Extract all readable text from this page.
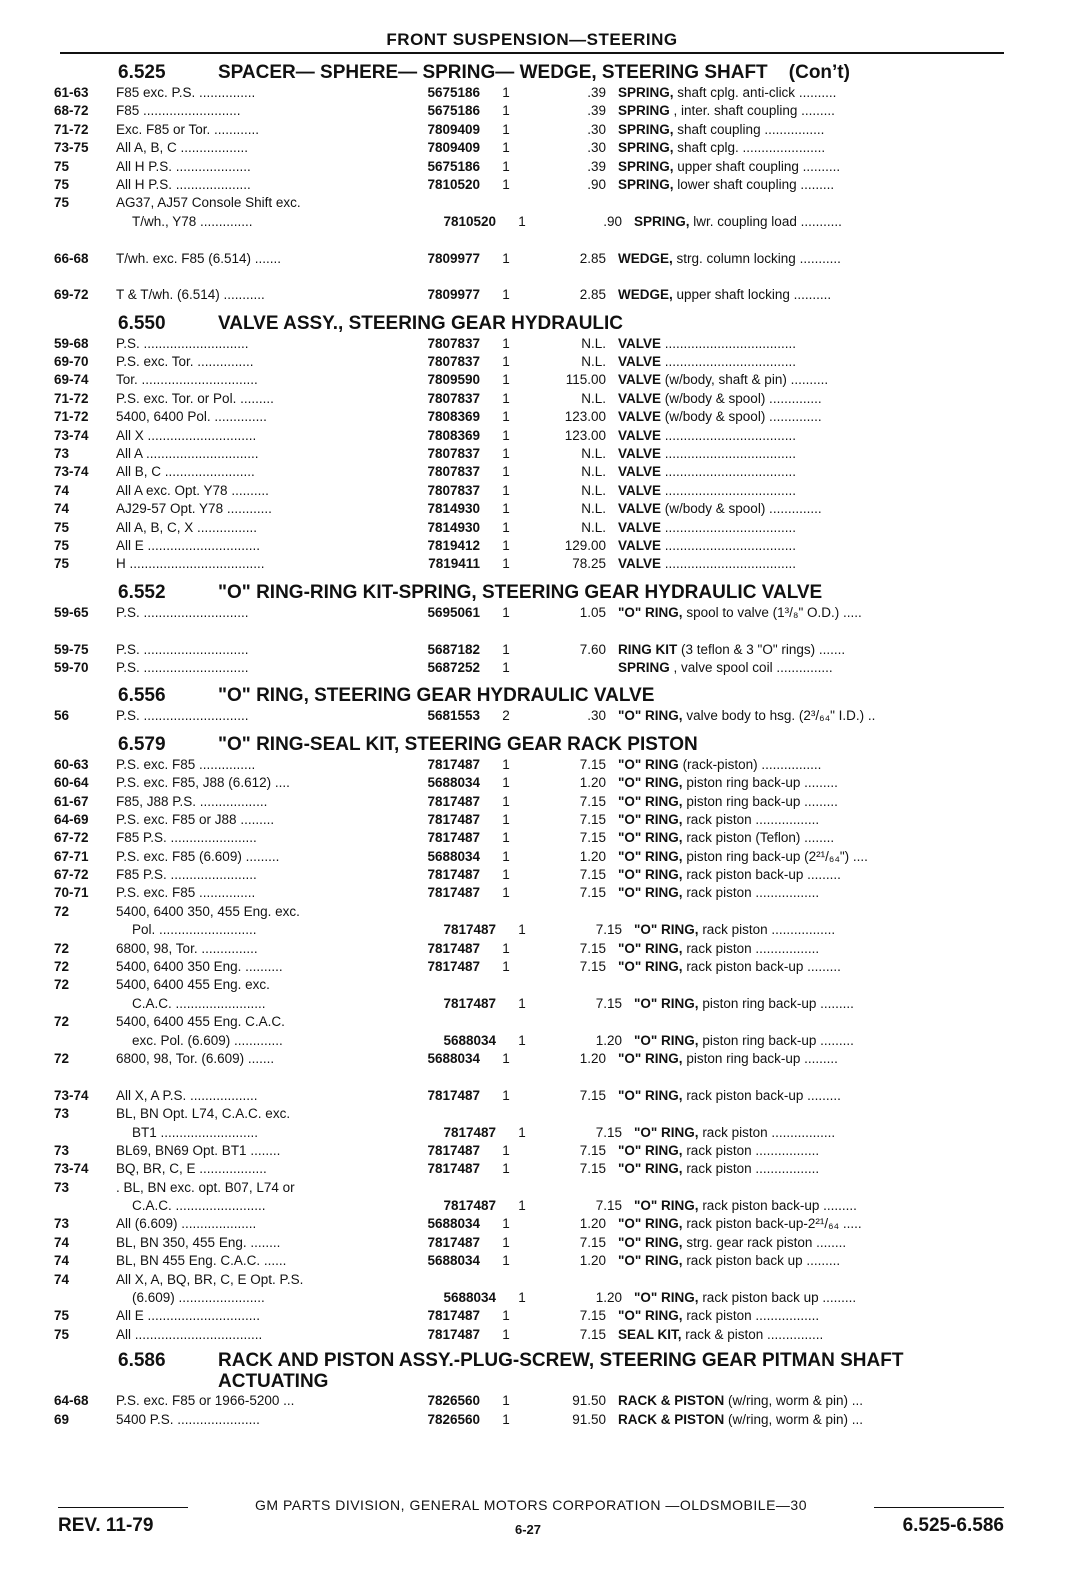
FRONT SUSPENSION—STEERING
6.525	SPACER— SPHERE— SPRING— WEDGE, STEERING SHAFT    (Con’t)
61-63	F85 exc. P.S. ...............	5675186	1	.39 SPRING, shaft cplg. anti-click ..........
68-72	F85 ..........................	5675186	1	.39 SPRING , inter. shaft coupling .........
71-72	Exc. F85 or Tor. ............	7809409	1	.30 SPRING, shaft coupling ................
73-75	All A, B, C ..................	7809409	1	.30 SPRING, shaft cplg. ......................
75	All H P.S. ....................	5675186	1	.39 SPRING, upper shaft coupling ..........
75	All H P.S. ....................	7810520	1	.90 SPRING, lower shaft coupling .........
75	AG37, AJ57 Console Shift exc.
T/wh., Y78 ..............	7810520	1	.90 SPRING, lwr. coupling load ...........
66-68	T/wh. exc. F85 (6.514) .......	7809977	1	2.85 WEDGE, strg. column locking ...........
69-72	T & T/wh. (6.514) ...........	7809977	1	2.85 WEDGE, upper shaft locking ..........
6.550	VALVE ASSY., STEERING GEAR HYDRAULIC
59-68	P.S. ............................	7807837	1	N.L. VALVE ...................................
69-70	P.S. exc. Tor. ...............	7807837	1	N.L. VALVE ...................................
69-74	Tor. ...............................	7809590	1	115.00 VALVE (w/body, shaft & pin) ..........
71-72	P.S. exc. Tor. or Pol. .........	7807837	1	N.L. VALVE (w/body & spool) ..............
71-72	5400, 6400 Pol. ..............	7808369	1	123.00 VALVE (w/body & spool) ..............
73-74	All X .............................	7808369	1	123.00 VALVE ...................................
73	All A ..............................	7807837	1	N.L. VALVE ...................................
73-74	All B, C ........................	7807837	1	N.L. VALVE ...................................
74	All A exc. Opt. Y78 ..........	7807837	1	N.L. VALVE ...................................
74	AJ29-57 Opt. Y78 ............	7814930	1	N.L. VALVE (w/body & spool) ..............
75	All A, B, C, X ................	7814930	1	N.L. VALVE ...................................
75	All E ..............................	7819412	1	129.00 VALVE ...................................
75	H ....................................	7819411	1	78.25 VALVE ...................................
6.552	"O" RING-RING KIT-SPRING, STEERING GEAR HYDRAULIC VALVE
59-65	P.S. ............................	5695061	1	1.05 "O" RING, spool to valve (1³/₈" O.D.) .....
59-75	P.S. ............................	5687182	1	7.60 RING KIT (3 teflon & 3 "O" rings) .......
59-70	P.S. ............................	5687252	1	SPRING , valve spool coil ...............
6.556	"O" RING, STEERING GEAR HYDRAULIC VALVE
56	P.S. ............................	5681553	2	.30 "O" RING, valve body to hsg. (2³/₆₄" I.D.) ..
6.579	"O" RING-SEAL KIT, STEERING GEAR RACK PISTON
60-63	P.S. exc. F85 ...............	7817487	1	7.15 "O" RING (rack-piston) ................
60-64	P.S. exc. F85, J88 (6.612) ....	5688034	1	1.20 "O" RING, piston ring back-up .........
61-67	F85, J88 P.S. ..................	7817487	1	7.15 "O" RING, piston ring back-up .........
64-69	P.S. exc. F85 or J88 .........	7817487	1	7.15 "O" RING, rack piston .................
67-72	F85 P.S. .......................	7817487	1	7.15 "O" RING, rack piston (Teflon) ........
67-71	P.S. exc. F85 (6.609) .........	5688034	1	1.20 "O" RING, piston ring back-up (2²¹/₆₄") ....
67-72	F85 P.S. .......................	7817487	1	7.15 "O" RING, rack piston back-up .........
70-71	P.S. exc. F85 ...............	7817487	1	7.15 "O" RING, rack piston .................
72	5400, 6400 350, 455 Eng. exc.
Pol. ..........................	7817487	1	7.15 "O" RING, rack piston .................
72	6800, 98, Tor. ...............	7817487	1	7.15 "O" RING, rack piston .................
72	5400, 6400 350 Eng. ..........	7817487	1	7.15 "O" RING, rack piston back-up .........
72	5400, 6400 455 Eng. exc.
C.A.C. ........................	7817487	1	7.15 "O" RING, piston ring back-up .........
72	5400, 6400 455 Eng. C.A.C.
exc. Pol. (6.609) .............	5688034	1	1.20 "O" RING, piston ring back-up .........
72	6800, 98, Tor. (6.609) .......	5688034	1	1.20 "O" RING, piston ring back-up .........
73-74	All X, A P.S. ..................	7817487	1	7.15 "O" RING, rack piston back-up .........
73	BL, BN Opt. L74, C.A.C. exc.
BT1 ..........................	7817487	1	7.15 "O" RING, rack piston .................
73	BL69, BN69 Opt. BT1 ........	7817487	1	7.15 "O" RING, rack piston .................
73-74	BQ, BR, C, E ..................	7817487	1	7.15 "O" RING, rack piston .................
73	. BL, BN exc. opt. B07, L74 or
C.A.C. ........................	7817487	1	7.15 "O" RING, rack piston back-up .........
73	All (6.609) ....................	5688034	1	1.20 "O" RING, rack piston back-up-2²¹/₆₄ .....
74	BL, BN 350, 455 Eng. ........	7817487	1	7.15 "O" RING, strg. gear rack piston ........
74	BL, BN 455 Eng. C.A.C. ......	5688034	1	1.20 "O" RING, rack piston back up .........
74	All X, A, BQ, BR, C, E Opt. P.S.
(6.609) .......................	5688034	1	1.20 "O" RING, rack piston back up .........
75	All E ..............................	7817487	1	7.15 "O" RING, rack piston .................
75	All ..................................	7817487	1	7.15 SEAL KIT, rack & piston ...............
6.586	RACK AND PISTON ASSY.-PLUG-SCREW, STEERING GEAR PITMAN SHAFT ACTUATING
64-68	P.S. exc. F85 or 1966-5200 ...	7826560	1	91.50 RACK & PISTON (w/ring, worm & pin) ...
69	5400 P.S. ......................	7826560	1	91.50 RACK & PISTON (w/ring, worm & pin) ...
GM PARTS DIVISION, GENERAL MOTORS CORPORATION —OLDSMOBILE—30
REV. 11-79	6-27	6.525-6.586
